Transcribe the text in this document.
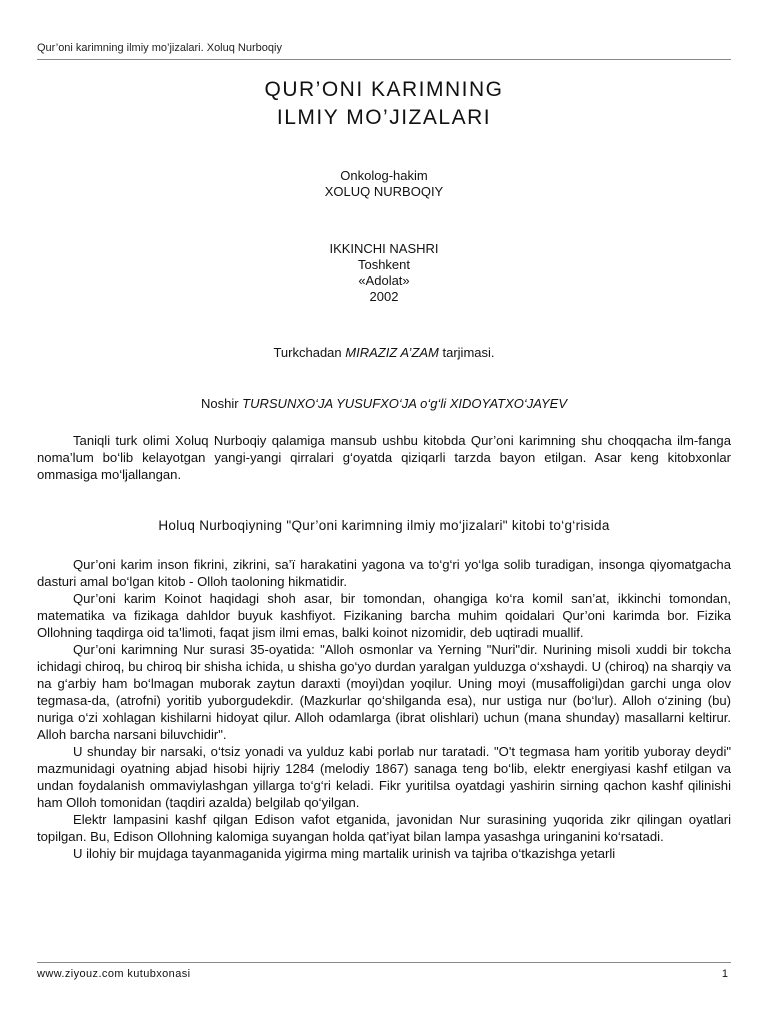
Qur’oni karimning ilmiy mo’jizalari. Xoluq Nurboqiy
QUR’ONI KARIMNING
ILMIY MO’JIZALARI
Onkolog-hakim
XOLUQ NURBOQIY
IKKINCHI NASHRI
Toshkent
«Adolat»
2002
Turkchadan MIRAZIZ A’ZAM tarjimasi.
Noshir TURSUNXO‘JA YUSUFXO‘JA o‘g‘li XIDOYATXO‘JAYEV

Taniqli turk olimi Xoluq Nurboqiy qalamiga mansub ushbu kitobda Qur’oni karimning shu choqqacha ilm-fanga noma’lum bo‘lib kelayotgan yangi-yangi qirralari g‘oyatda qiziqarli tarzda bayon etilgan. Asar keng kitobxonlar ommasiga mo‘ljallangan.

Holuq Nurboqiyning "Qur’oni karimning ilmiy mo‘jizalari" kitobi to‘g‘risida

Qur’oni karim inson fikrini, zikrini, sa’ї harakatini yagona va to‘g‘ri yo‘lga solib turadigan, insonga qiyomatgacha dasturi amal bo‘lgan kitob - Olloh taoloning hikmatidir.

Qur’oni karim Koinot haqidagi shoh asar, bir tomondan, ohangiga ko‘ra komil san’at, ikkinchi tomondan, matematika va fizikaga dahldor buyuk kashfiyot. Fizikaning barcha muhim qoidalari Qur’oni karimda bor. Fizika Ollohning taqdirga oid ta’limoti, faqat jism ilmi emas, balki koinot nizomidir, deb uqtiradi muallif.

Qur’oni karimning Nur surasi 35-oyatida: "Alloh osmonlar va Yerning "Nuri"dir. Nurining misoli xuddi bir tokcha ichidagi chiroq, bu chiroq bir shisha ichida, u shisha go‘yo durdan yaralgan yulduzga o‘xshaydi. U (chiroq) na sharqiy va na g‘arbiy ham bo‘lmagan muborak zaytun daraxti (moyi)dan yoqilur. Uning moyi (musaffoligi)dan garchi unga olov tegmasa-da, (atrofni) yoritib yuborgudekdir. (Mazkurlar qo‘shilganda esa), nur ustiga nur (bo‘lur). Alloh o‘zining (bu) nuriga o‘zi xohlagan kishilarni hidoyat qilur. Alloh odamlarga (ibrat olishlari) uchun (mana shunday) masallarni keltirur. Alloh barcha narsani biluvchidir".

U shunday bir narsaki, o‘tsiz yonadi va yulduz kabi porlab nur taratadi. "O't tegmasa ham yoritib yuboray deydi" mazmunidagi oyatning abjad hisobi hijriy 1284 (melodiy 1867) sanaga teng bo‘lib, elektr energiyasi kashf etilgan va undan foydalanish ommaviylashgan yillarga to‘g‘ri keladi. Fikr yuritilsa oyatdagi yashirin sirning qachon kashf qilinishi ham Olloh tomonidan (taqdiri azalda) belgilab qo‘yilgan.

Elektr lampasini kashf qilgan Edison vafot etganida, javonidan Nur surasining yuqorida zikr qilingan oyatlari topilgan. Bu, Edison Ollohning kalomiga suyangan holda qat’iyat bilan lampa yasashga uringanini ko‘rsatadi.

U ilohiy bir mujdaga tayanmaganida yigirma ming martalik urinish va tajriba o‘tkazishga yetarli

www.ziyouz.com kutubxonasi	1
